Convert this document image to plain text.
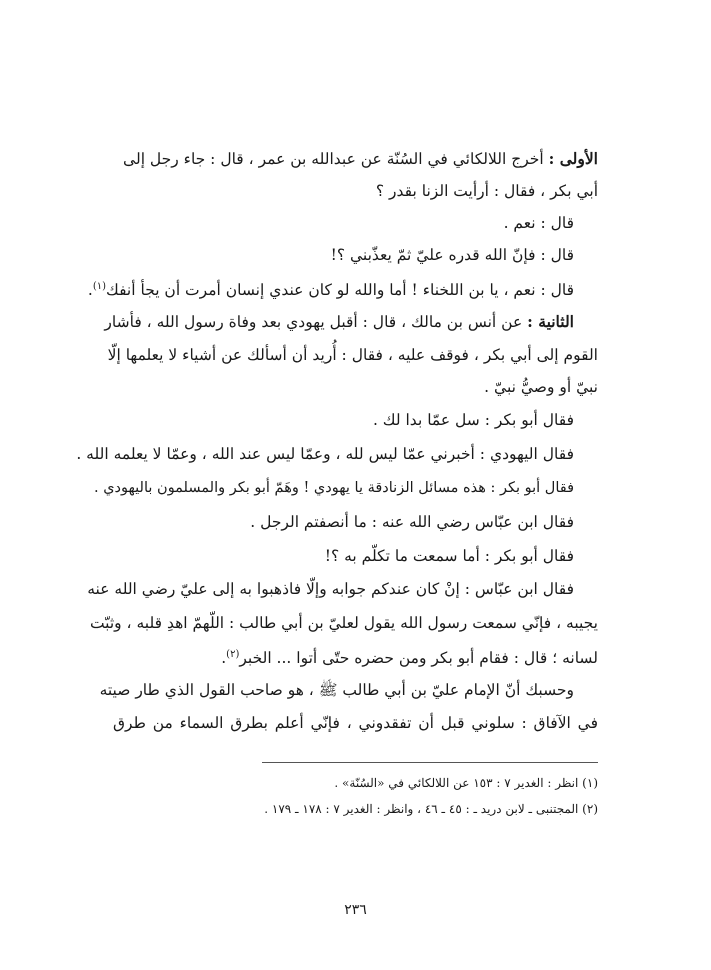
الأولى : أخرج اللالكائي في السُنّة عن عبدالله بن عمر ، قال : جاء رجل إلى
أبي بكر ، فقال : أرأيت الزنا بقدر ؟
قال : نعم .
قال : فإنّ الله قدره عليّ ثمّ يعذّبني ؟!
قال : نعم ، يا بن اللخناء ! أما والله لو كان عندي إنسان أمرت أن يجأ أنفك$^{(١)}$.
الثانية : عن أنس بن مالك ، قال : أقبل يهودي بعد وفاة رسول الله ، فأشار
القوم إلى أبي بكر ، فوقف عليه ، فقال : أُريد أن أسألك عن أشياء لا يعلمها إلّا
نبيّ أو وصيُّ نبيّ .
فقال أبو بكر : سل عمّا بدا لك .
فقال اليهودي : أخبرني عمّا ليس لله ، وعمّا ليس عند الله ، وعمّا لا يعلمه الله .
فقال أبو بكر : هذه مسائل الزنادقة يا يهودي ! وهَمّ أبو بكر والمسلمون باليهودي .
فقال ابن عبّاس رضي الله عنه : ما أنصفتم الرجل .
فقال أبو بكر : أما سمعت ما تكلّم به ؟!
فقال ابن عبّاس : إنْ كان عندكم جوابه وإلّا فاذهبوا به إلى عليّ رضي الله عنه
يجيبه ، فإنّي سمعت رسول الله يقول لعليّ بن أبي طالب : اللّهمّ اهدِ قلبه ، وثبّت
لسانه ؛ قال : فقام أبو بكر ومن حضره حتّى أتوا ... الخبر$^{(٢)}$.
وحسبك أنّ الإمام عليّ بن أبي طالب ﷺ ، هو صاحب القول الذي طار صيته
في الآفاق : سلوني قبل أن تفقدوني ، فإنّي أعلم بطرق السماء من طرق
(١) انظر : الغدير ٧ : ١٥٣ عن اللالكائي في «السُنّة» .
(٢) المجتنبى ـ لابن دريد ـ : ٤٥ ـ ٤٦ ، وانظر : الغدير ٧ : ١٧٨ ـ ١٧٩ .
٢٣٦
